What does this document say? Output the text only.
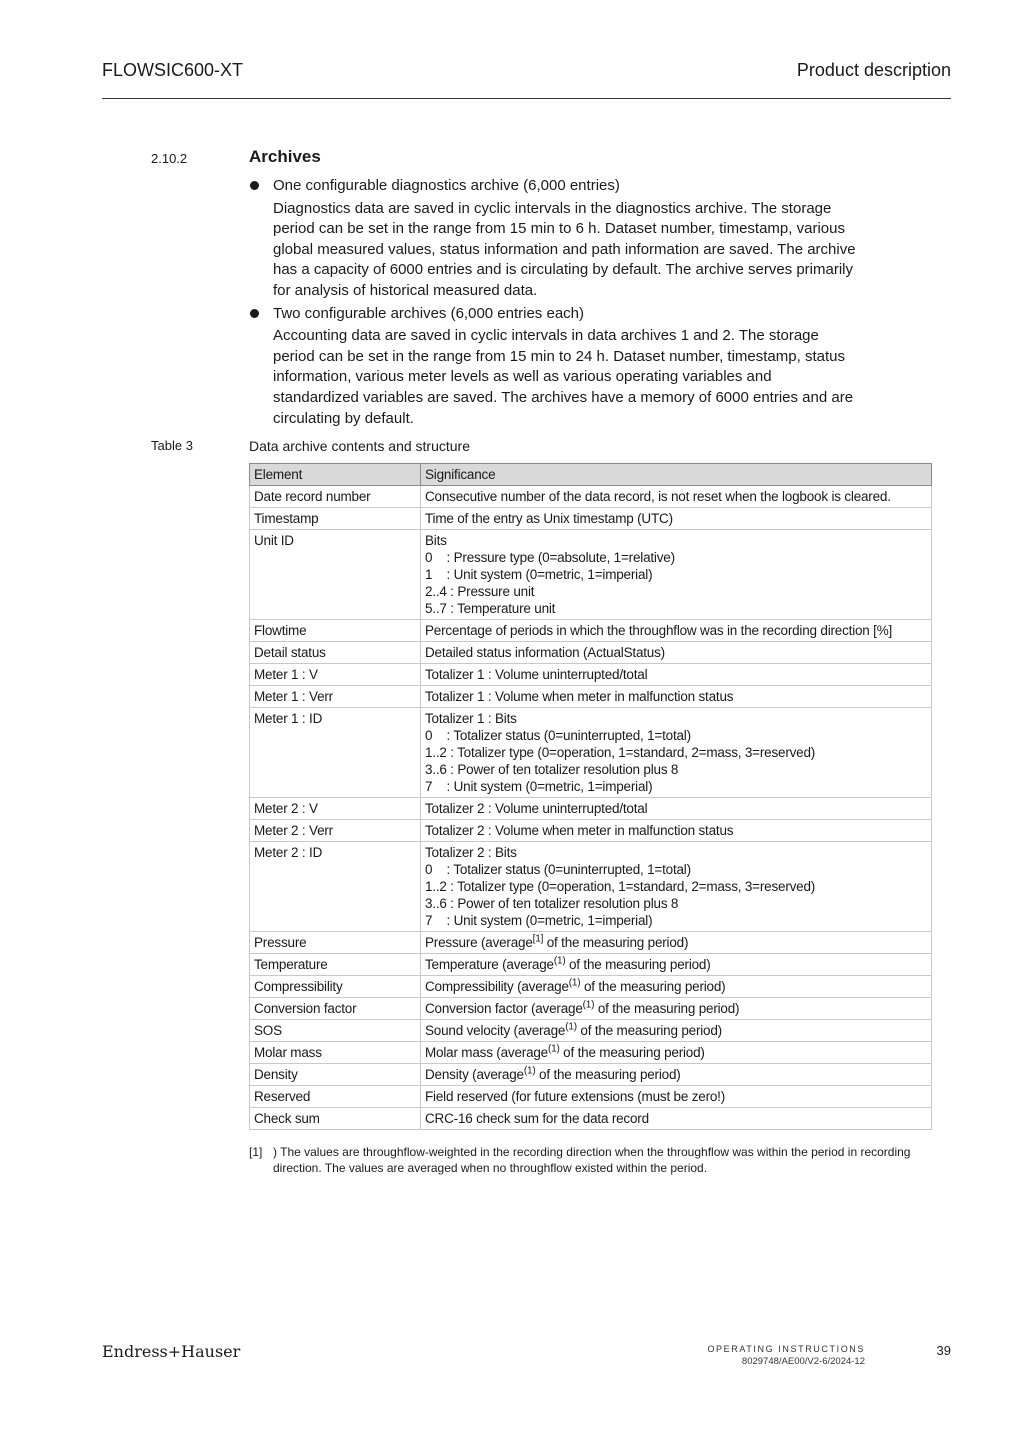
FLOWSIC600-XT	Product description
2.10.2	Archives
One configurable diagnostics archive (6,000 entries)
Diagnostics data are saved in cyclic intervals in the diagnostics archive. The storage
period can be set in the range from 15 min to 6 h. Dataset number, timestamp, various
global measured values, status information and path information are saved. The archive
has a capacity of 6000 entries and is circulating by default. The archive serves primarily
for analysis of historical measured data.
Two configurable archives (6,000 entries each)
Accounting data are saved in cyclic intervals in data archives 1 and 2. The storage
period can be set in the range from 15 min to 24 h. Dataset number, timestamp, status
information, various meter levels as well as various operating variables and
standardized variables are saved. The archives have a memory of 6000 entries and are
circulating by default.
Table 3	Data archive contents and structure
Element	Significance
Date record number	Consecutive number of the data record, is not reset when the logbook is cleared.

Timestamp	Time of the entry as Unix timestamp (UTC)

Unit ID	Bits
0    : Pressure type (0=absolute, 1=relative)
1    : Unit system (0=metric, 1=imperial)
2..4 : Pressure unit
5..7 : Temperature unit

Flowtime	Percentage of periods in which the throughflow was in the recording direction [%]

Detail status	Detailed status information (ActualStatus)

Meter 1 : V	Totalizer 1 : Volume uninterrupted/total

Meter 1 : Verr	Totalizer 1 : Volume when meter in malfunction status

Meter 1 : ID	Totalizer 1 : Bits
0    : Totalizer status (0=uninterrupted, 1=total)
1..2 : Totalizer type (0=operation, 1=standard, 2=mass, 3=reserved)
3..6 : Power of ten totalizer resolution plus 8
7    : Unit system (0=metric, 1=imperial)

Meter 2 : V	Totalizer 2 : Volume uninterrupted/total

Meter 2 : Verr	Totalizer 2 : Volume when meter in malfunction status

Meter 2 : ID	Totalizer 2 : Bits
0    : Totalizer status (0=uninterrupted, 1=total)
1..2 : Totalizer type (0=operation, 1=standard, 2=mass, 3=reserved)
3..6 : Power of ten totalizer resolution plus 8
7    : Unit system (0=metric, 1=imperial)

Pressure	Pressure (average[1] of the measuring period)
Temperature	Temperature (average$^{(1)}$ of the measuring period)
Compressibility	Compressibility (average$^{(1)}$ of the measuring period)
Conversion factor	Conversion factor (average$^{(1)}$ of the measuring period)
SOS	Sound velocity (average$^{(1)}$ of the measuring period)
Molar mass	Molar mass (average$^{(1)}$ of the measuring period)
Density	Density (average$^{(1)}$ of the measuring period)
Reserved	Field reserved (for future extensions (must be zero!)

Check sum	CRC-16 check sum for the data record
[1] ) The values are throughflow-weighted in the recording direction when the throughflow was within the period in recording direction. The values are averaged when no throughflow existed within the period.
Endress+Hauser	OPERATING INSTRUCTIONS
8029748/AE00/V2-6/2024-12
39
